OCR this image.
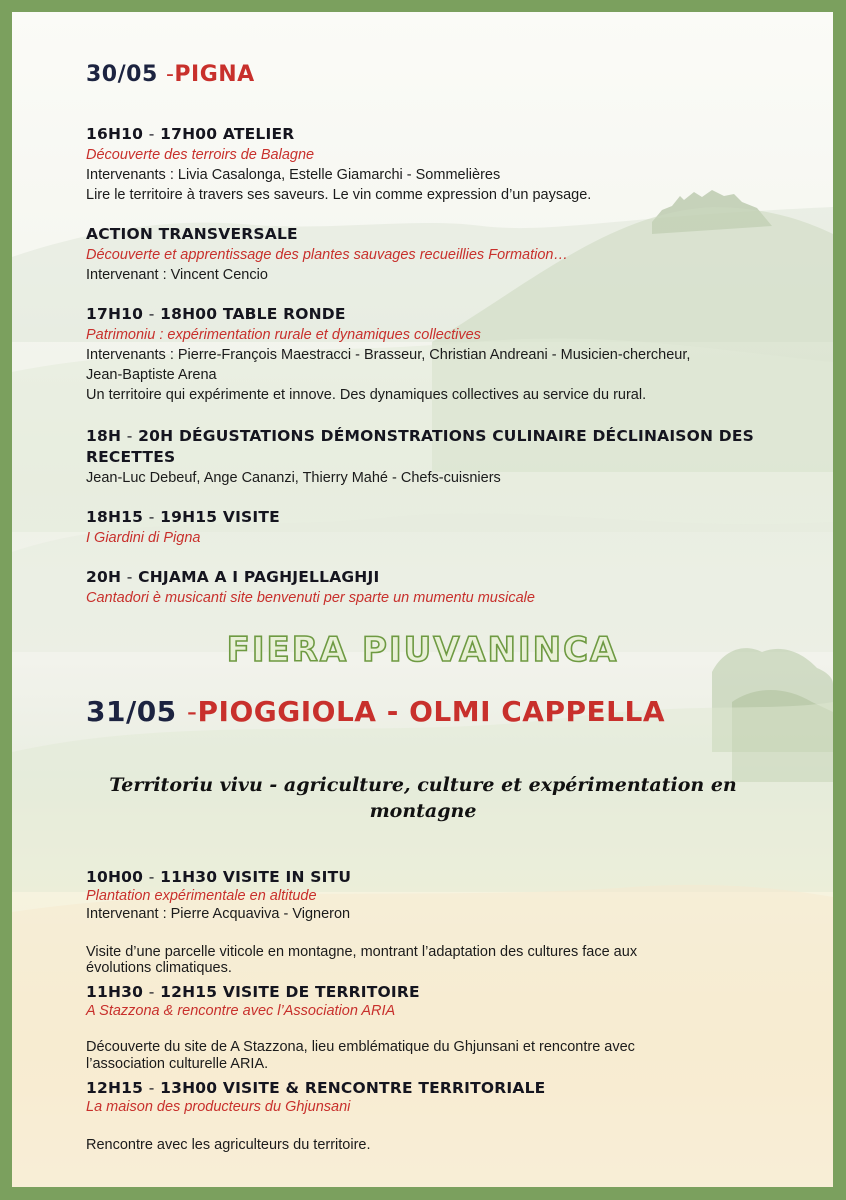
30/05 -PIGNA
16H10 - 17H00 ATELIER
Découverte des terroirs de Balagne
Intervenants : Livia Casalonga, Estelle Giamarchi - Sommelières
Lire le territoire à travers ses saveurs. Le vin comme expression d’un paysage.
ACTION TRANSVERSALE
Découverte et apprentissage des plantes sauvages recueillies Formation…
Intervenant : Vincent Cencio
17H10 - 18H00 TABLE RONDE
Patrimoniu : expérimentation rurale et dynamiques collectives
Intervenants : Pierre-François Maestracci - Brasseur, Christian Andreani - Musicien-chercheur,
Jean-Baptiste Arena
Un territoire qui expérimente et innove. Des dynamiques collectives au service du rural.
18H - 20H DÉGUSTATIONS DÉMONSTRATIONS CULINAIRE DÉCLINAISON DES
RECETTES
Jean-Luc Debeuf, Ange Cananzi, Thierry Mahé - Chefs-cuisniers
18H15 - 19H15 VISITE
I Giardini di Pigna
20H - CHJAMA A I PAGHJELLAGHJI
Cantadori è musicanti site benvenuti per sparte un mumentu musicale
FIERA PIUVANINCA
31/05 -PIOGGIOLA - OLMI CAPPELLA
Territoriu vivu - agriculture, culture et expérimentation en
montagne
10H00 - 11H30 VISITE IN SITU
Plantation expérimentale en altitude
Intervenant : Pierre Acquaviva - Vigneron
Visite d’une parcelle viticole en montagne, montrant l’adaptation des cultures face aux
évolutions climatiques.
11H30 - 12H15 VISITE DE TERRITOIRE
A Stazzona & rencontre avec l’Association ARIA
Découverte du site de A Stazzona, lieu emblématique du Ghjunsani et rencontre avec
l’association culturelle ARIA.
12H15 - 13H00 VISITE & RENCONTRE TERRITORIALE
La maison des producteurs du Ghjunsani
Rencontre avec les agriculteurs du territoire.
